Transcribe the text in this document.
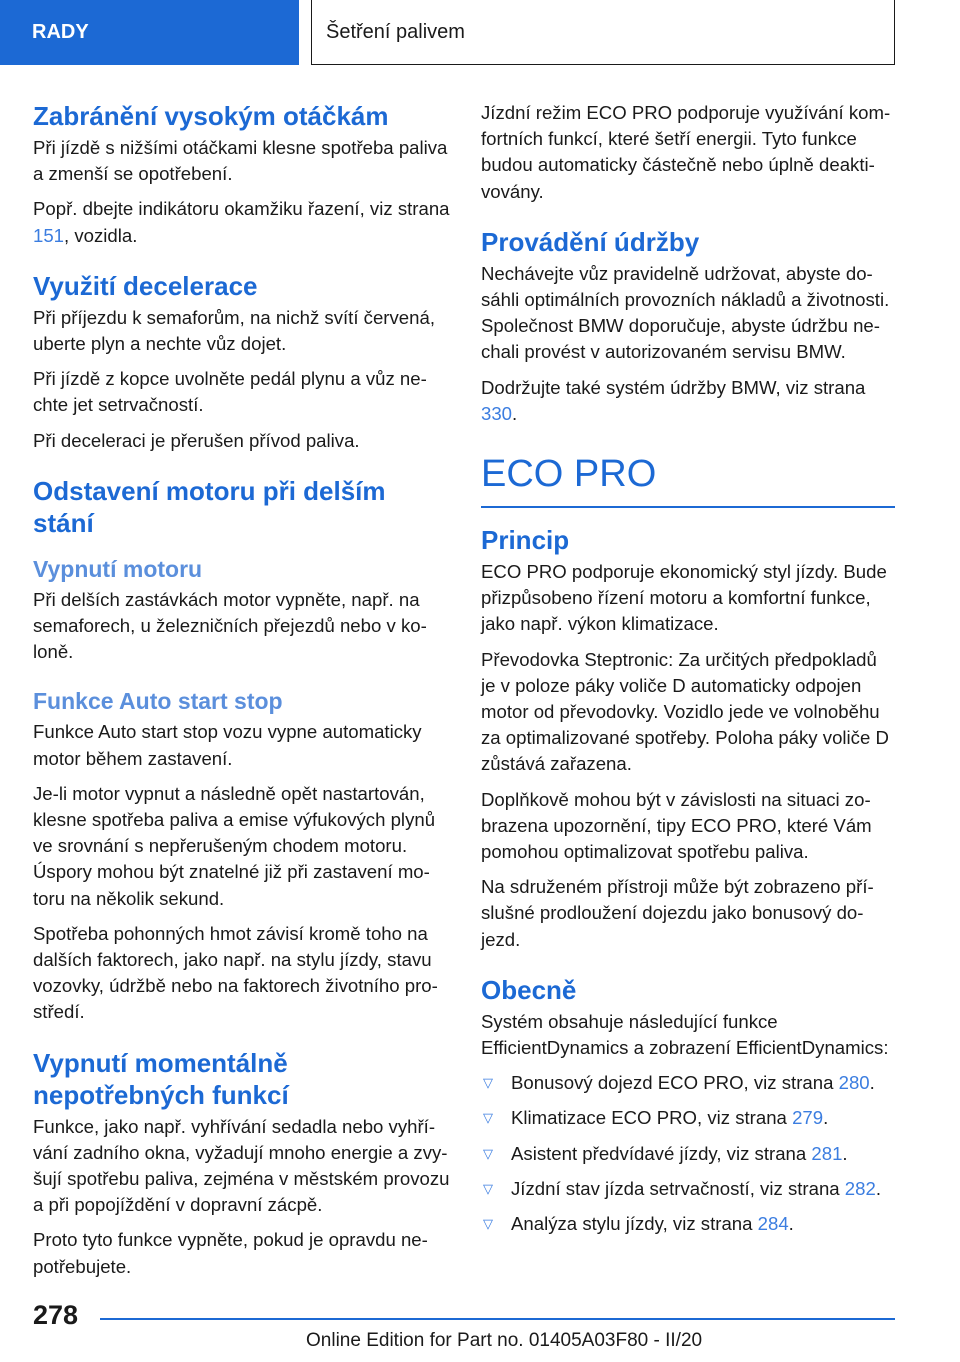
RADY	Šetření palivem
Zabránění vysokým otáčkám

Při jízdě s nižšími otáčkami klesne spotřeba paliva a zmenší se opotřebení.

Popř. dbejte indikátoru okamžiku řazení, viz strana 151, vozidla.

Využití decelerace

Při příjezdu k semaforům, na nichž svítí červená, uberte plyn a nechte vůz dojet.

Při jízdě z kopce uvolněte pedál plynu a vůz nechte jet setrvačností.

Při deceleraci je přerušen přívod paliva.

Odstavení motoru při delším stání
Vypnutí motoru

Při delších zastávkách motor vypněte, např. na semaforech, u železničních přejezdů nebo v koloně.

Funkce Auto start stop

Funkce Auto start stop vozu vypne automaticky motor během zastavení.

Je-li motor vypnut a následně opět nastartován, klesne spotřeba paliva a emise výfukových plynů ve srovnání s nepřerušeným chodem motoru. Úspory mohou být znatelné již při zastavení motoru na několik sekund.

Spotřeba pohonných hmot závisí kromě toho na dalších faktorech, jako např. na stylu jízdy, stavu vozovky, údržbě nebo na faktorech životního prostředí.

Vypnutí momentálně nepotřebných funkcí

Funkce, jako např. vyhřívání sedadla nebo vyhřívání zadního okna, vyžadují mnoho energie a zvyšují spotřebu paliva, zejména v městském provozu a při popojíždění v dopravní zácpě.

Proto tyto funkce vypněte, pokud je opravdu nepotřebujete.

Jízdní režim ECO PRO podporuje využívání komfortních funkcí, které šetří energii. Tyto funkce budou automaticky částečně nebo úplně deaktivovány.

Provádění údržby

Nechávejte vůz pravidelně udržovat, abyste dosáhli optimálních provozních nákladů a životnosti. Společnost BMW doporučuje, abyste údržbu nechali provést v autorizovaném servisu BMW.

Dodržujte také systém údržby BMW, viz strana 330.

ECO PRO
Princip

ECO PRO podporuje ekonomický styl jízdy. Bude přizpůsobeno řízení motoru a komfortní funkce, jako např. výkon klimatizace.

Převodovka Steptronic: Za určitých předpokladů je v poloze páky voliče D automaticky odpojen motor od převodovky. Vozidlo jede ve volnoběhu za optimalizované spotřeby. Poloha páky voliče D zůstává zařazena.

Doplňkově mohou být v závislosti na situaci zobrazena upozornění, tipy ECO PRO, které Vám pomohou optimalizovat spotřebu paliva.

Na sdruženém přístroji může být zobrazeno příslušné prodloužení dojezdu jako bonusový dojezd.

Obecně

Systém obsahuje následující funkce EfficientDynamics a zobrazení EfficientDynamics:

▽ Bonusový dojezd ECO PRO, viz strana 280.
▽ Klimatizace ECO PRO, viz strana 279.
▽ Asistent předvídavé jízdy, viz strana 281.
▽ Jízdní stav jízda setrvačností, viz strana 282.
▽ Analýza stylu jízdy, viz strana 284.
278
Online Edition for Part no. 01405A03F80 - II/20
